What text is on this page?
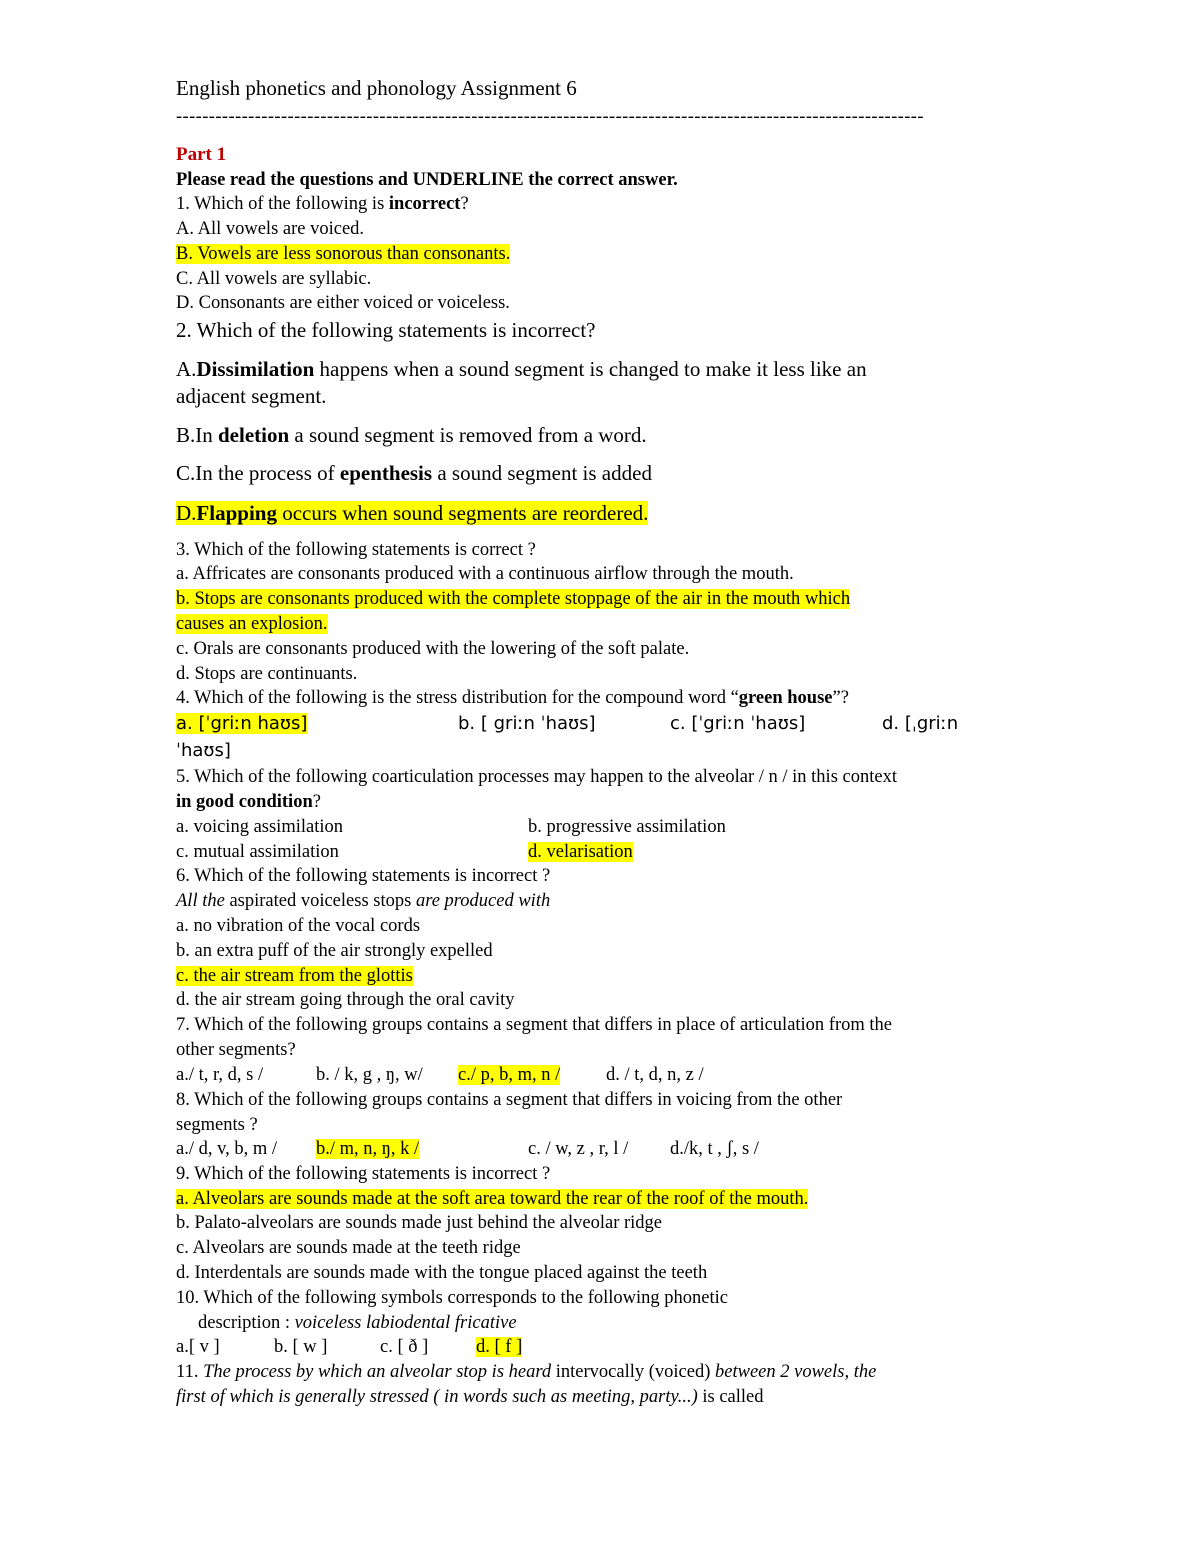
English phonetics and phonology Assignment 6
------------------------------------------------------------------------------------------------------------------
Part 1
Please read the questions and UNDERLINE the correct answer.
1. Which of the following is incorrect?
A. All vowels are voiced.
B. Vowels are less sonorous than consonants.
C. All vowels are syllabic.
D. Consonants are either voiced or voiceless.
2. Which of the following statements is incorrect?
A.Dissimilation happens when a sound segment is changed to make it less like an
adjacent segment.
B.In deletion a sound segment is removed from a word.
C.In the process of epenthesis a sound segment is added
D.Flapping occurs when sound segments are reordered.
3. Which of the following statements is correct ?
a. Affricates are consonants produced with a continuous airflow through the mouth.
b. Stops are consonants produced with the complete stoppage of the air in the mouth which
causes an explosion.
c. Orals are consonants produced with the lowering of the soft palate.
d. Stops are continuants.
4. Which of the following is the stress distribution for the compound word “green house”?
a. [ˈgriːn haʊs]	b. [ griːn ˈhaʊs]	c. [ˈgriːn ˈhaʊs]	d. [ˌgriːn
ˈhaʊs]
5. Which of the following coarticulation processes may happen to the alveolar / n / in this context
in good condition?
a. voicing assimilation	b. progressive assimilation
c. mutual assimilation	d. velarisation
6. Which of the following statements is incorrect ?
All the aspirated voiceless stops are produced with
a. no vibration of the vocal cords
b. an extra puff of the air strongly expelled
c. the air stream from the glottis
d. the air stream going through the oral cavity
7. Which of the following groups contains a segment that differs in place of articulation from the
other segments?
a./ t, r, d, s /	b. / k, g , ŋ, w/ c./ p, b, m, n / d. / t, d, n, z /
8. Which of the following groups contains a segment that differs in voicing from the other
segments ?
a./ d, v, b, m / b./ m, n, ŋ, k /	c. / w, z , r, l / d./k, t , ʃ, s /
9. Which of the following statements is incorrect ?
a. Alveolars are sounds made at the soft area toward the rear of the roof of the mouth.
b. Palato-alveolars are sounds made just behind the alveolar ridge
c. Alveolars are sounds made at the teeth ridge
d. Interdentals are sounds made with the tongue placed against the teeth
10. Which of the following symbols corresponds to the following phonetic
description : voiceless labiodental fricative
a.[ v ]	b. [ w ]	c. [ ð ]	d. [ f ]
11. The process by which an alveolar stop is heard intervocally (voiced) between 2 vowels, the
first of which is generally stressed ( in words such as meeting, party...) is called
